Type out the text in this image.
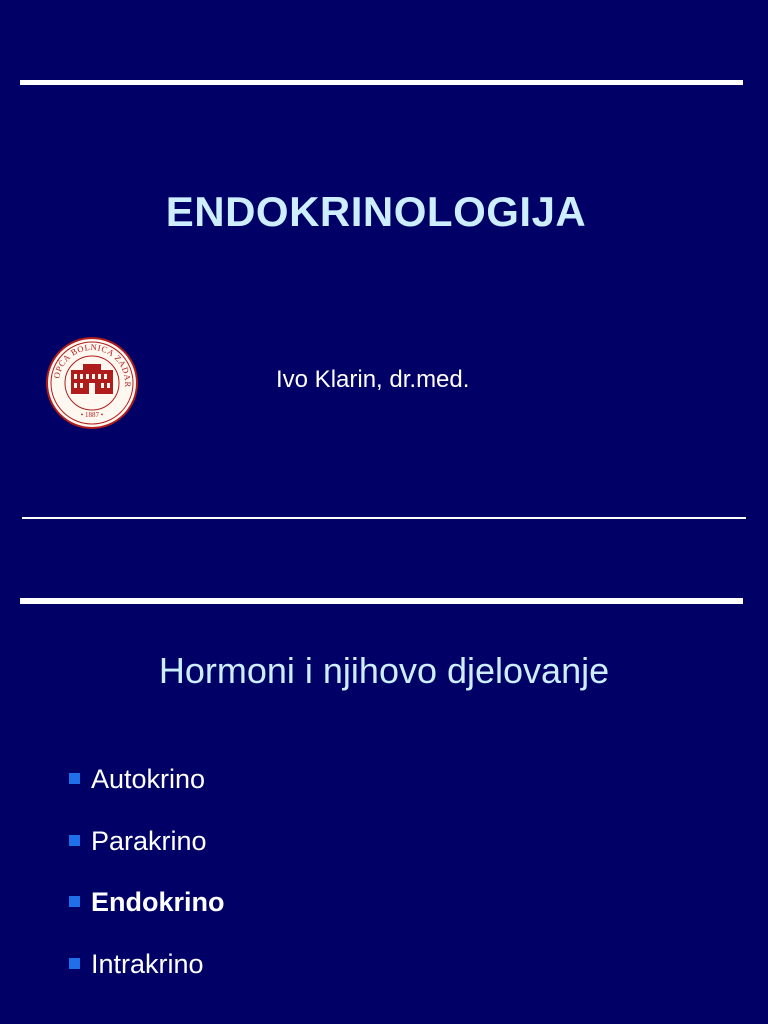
ENDOKRINOLOGIJA
OPĆA BOLNICA ZADAR
• 1887 •
Ivo Klarin, dr.med.
Hormoni i njihovo djelovanje
Autokrino
Parakrino
Endokrino
Intrakrino
